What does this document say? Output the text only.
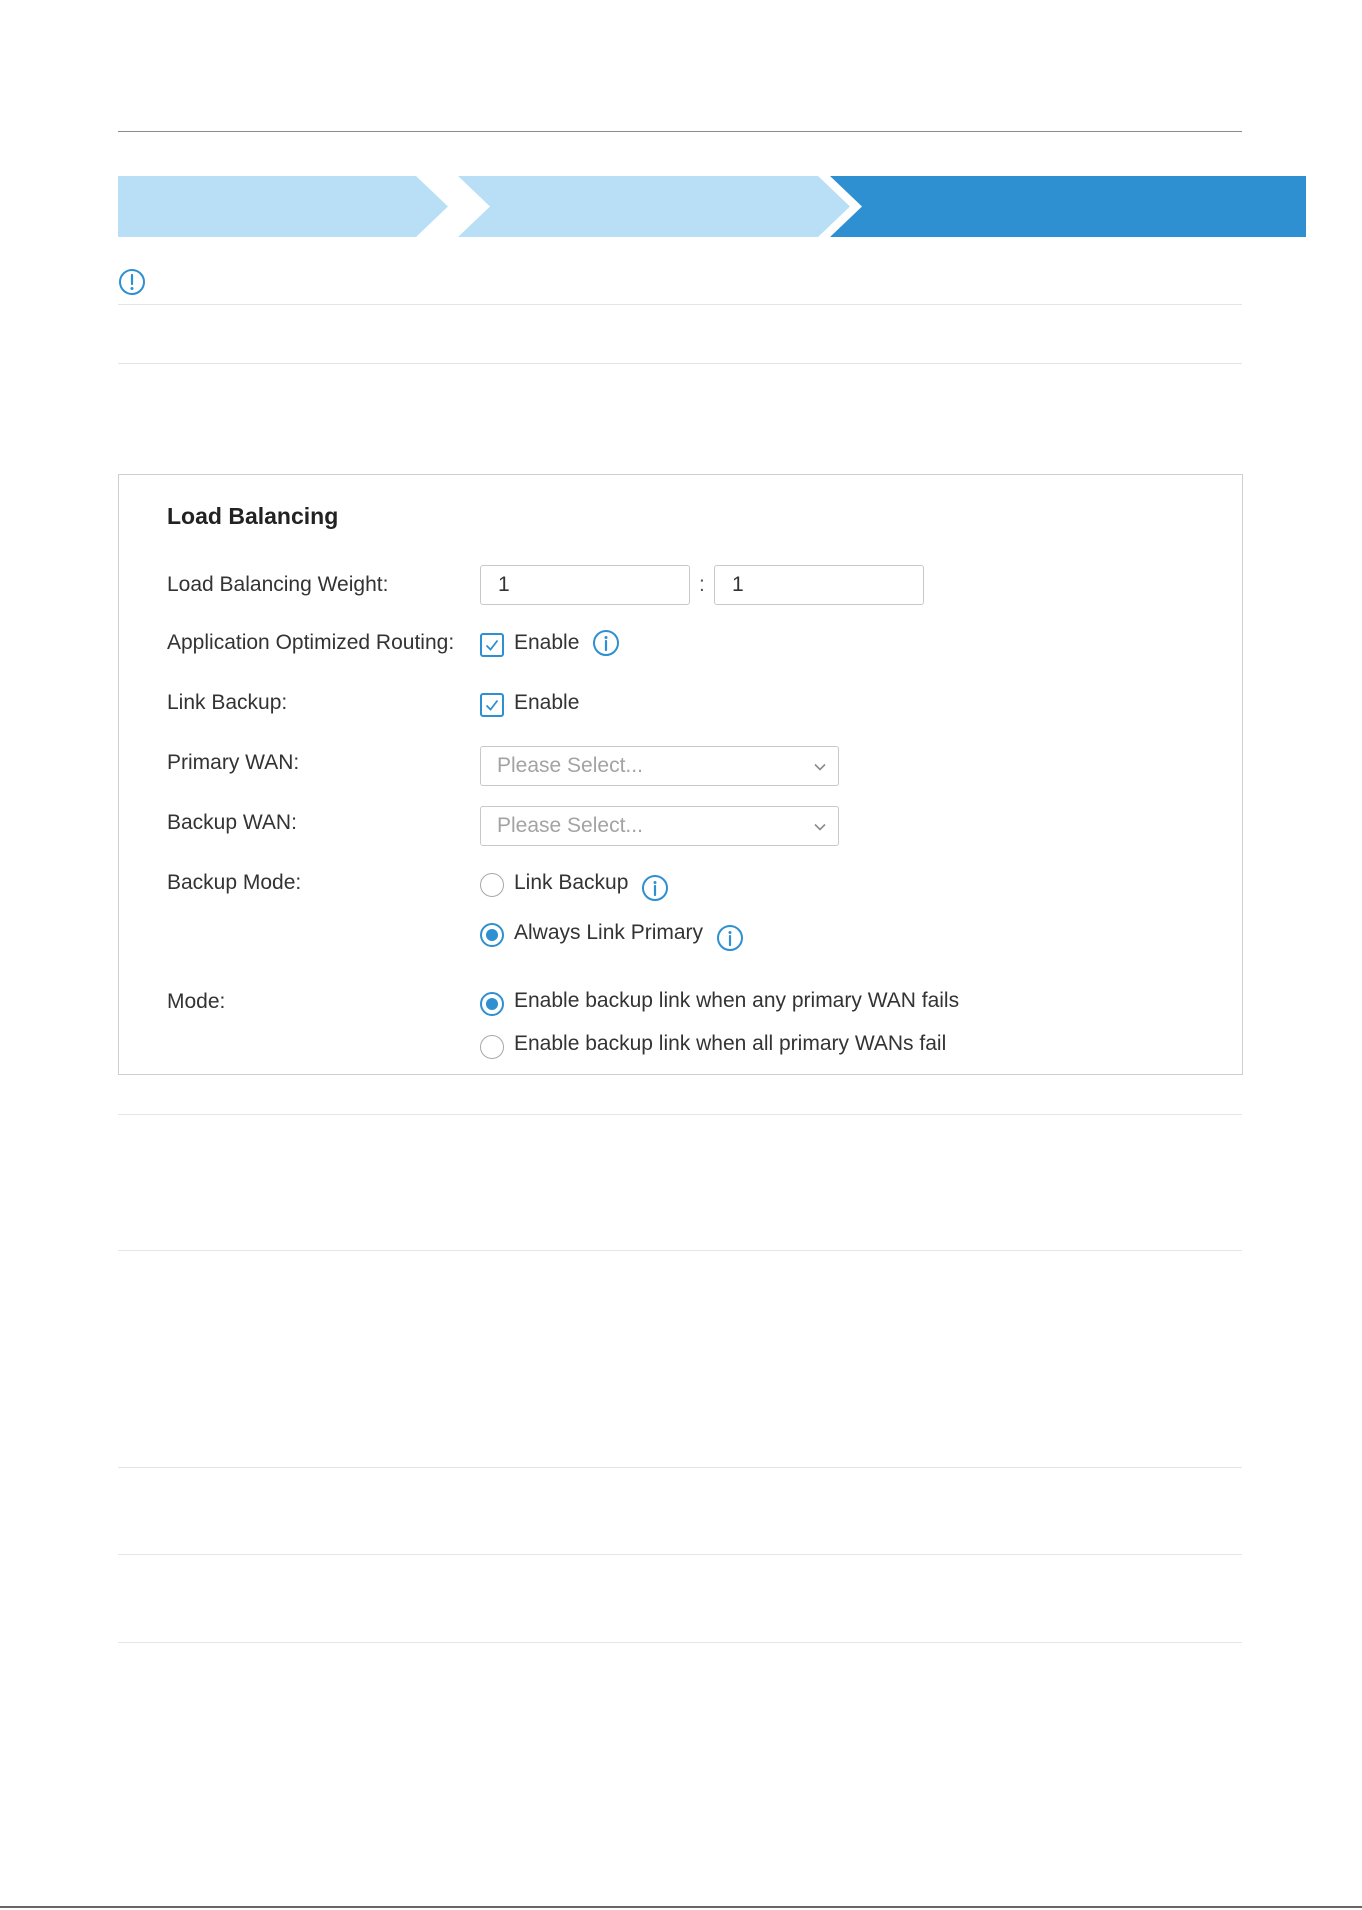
Load Balancing
Load Balancing Weight:	1	:	1
Application Optimized Routing:	Enable
Link Backup:	Enable
Primary WAN:	Please Select...
Backup WAN:	Please Select...
Backup Mode:	Link Backup
Always Link Primary
Mode:	Enable backup link when any primary WAN fails
Enable backup link when all primary WANs fail
